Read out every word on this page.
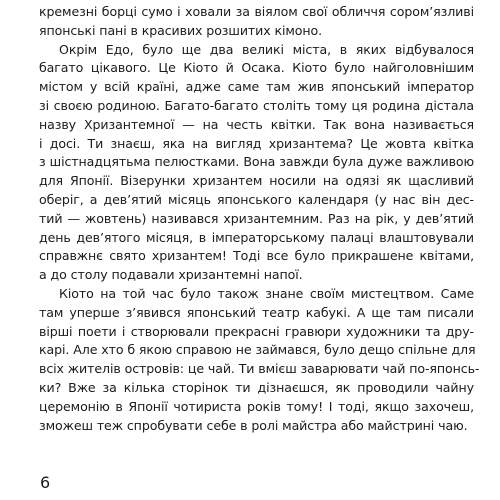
кремезні борці сумо і ховали за віялом свої обличчя сором’язливі
японські пані в красивих розшитих кімоно.
Окрім Едо, було ще два великі міста, в яких відбувалося
багато цікавого. Це Кіото й Осака. Кіото було найголовнішим
містом у всій країні, адже саме там жив японський імператор
зі своєю родиною. Багато-багато століть тому ця родина дістала
назву Хризантемної — на честь квітки. Так вона називається
і досі. Ти знаєш, яка на вигляд хризантема? Це жовта квітка
з шістнадцятьма пелюстками. Вона завжди була дуже важливою
для Японії. Візерунки хризантем носили на одязі як щасливий
оберіг, а дев’ятий місяць японського календаря (у нас він дес-
тий — жовтень) називався хризантемним. Раз на рік, у дев’ятий
день дев’ятого місяця, в імператорському палаці влаштовували
справжнє свято хризантем! Тоді все було прикрашене квітами,
а до столу подавали хризантемні напої.
Кіото на той час було також знане своїм мистецтвом. Саме
там уперше з’явився японський театр кабукі. А ще там писали
вірші поети і створювали прекрасні гравюри художники та дру-
карі. Але хто б якою справою не займався, було дещо спільне для
всіх жителів островів: це чай. Ти вмієш заварювати чай по-японсь-
ки? Вже за кілька сторінок ти дізнаєшся, як проводили чайну
церемонію в Японії чотириста років тому! І тоді, якщо захочеш,
зможеш теж спробувати себе в ролі майстра або майстрині чаю.
6
